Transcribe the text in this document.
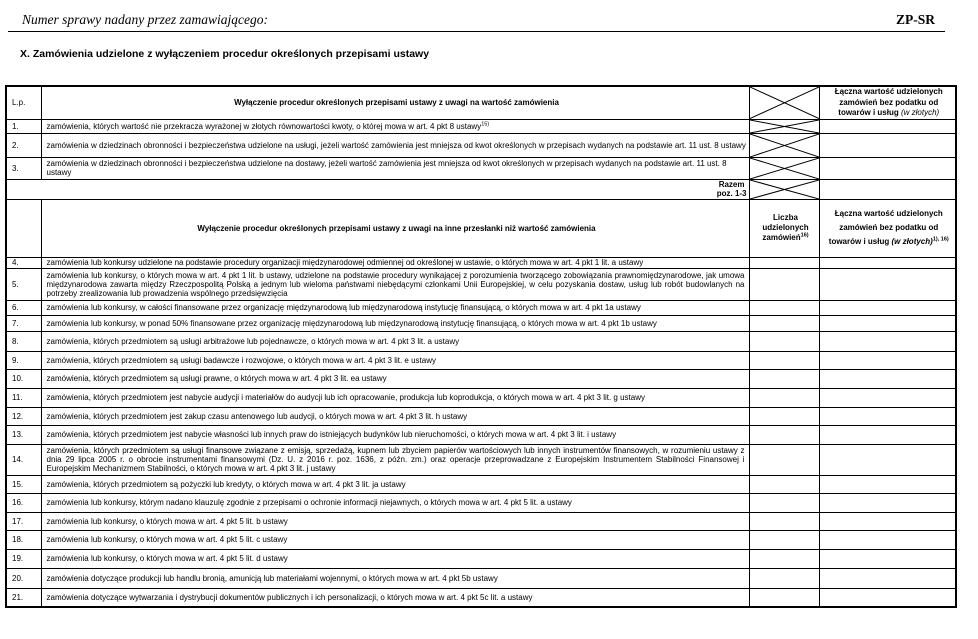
Numer sprawy nadany przez zamawiającego:	ZP-SR
X. Zamówienia udzielone z wyłączeniem procedur określonych przepisami ustawy
L.p.	Wyłączenie procedur określonych przepisami ustawy z uwagi na wartość zamówienia		Łączna wartość udzielonych zamówień bez podatku od towarów i usług (w złotych)
1.	zamówienia, których wartość nie przekracza wyrażonej w złotych równowartości kwoty, o której mowa w art. 4 pkt 8 ustawy$^{15)}$	

2.	zamówienia w dziedzinach obronności i bezpieczeństwa udzielone na usługi, jeżeli wartość zamówienia jest mniejsza od kwot określonych w przepisach wydanych na podstawie art. 11 ust. 8 ustawy	

3.	zamówienia w dziedzinach obronności i bezpieczeństwa udzielone na dostawy, jeżeli wartość zamówienia jest mniejsza od kwot określonych w przepisach wydanych na podstawie art. 11 ust. 8 ustawy	

Razem
poz. 1-3

	Wyłączenie procedur określonych przepisami ustawy z uwagi na inne przesłanki niż wartość zamówienia	Liczba udzielonych zamówień$^{16)}$	Łączna wartość udzielonych zamówień bez podatku od towarów i usług (w złotych)$^{1), 16)}$
4.	zamówienia lub konkursy udzielone na podstawie procedury organizacji międzynarodowej odmiennej od określonej w ustawie, o których mowa w art. 4 pkt 1 lit. a ustawy		
5.	zamówienia lub konkursy, o których mowa w art. 4 pkt 1 lit. b ustawy, udzielone na podstawie procedury wynikającej z porozumienia tworzącego zobowiązania prawnomiędzynarodowe, jak umowa międzynarodowa zawarta między Rzeczpospolitą Polską a jednym lub wieloma państwami niebędącymi członkami Unii Europejskiej, w celu pozyskania dostaw, usług lub robót budowlanych na potrzeby zrealizowania lub prowadzenia wspólnego przedsięwzięcia		
6.	zamówienia lub konkursy, w całości finansowane przez organizację międzynarodową lub międzynarodową instytucję finansującą, o których mowa w art. 4 pkt 1a ustawy		
7.	zamówienia lub konkursy, w ponad 50% finansowane przez organizację międzynarodową lub międzynarodową instytucję finansującą, o których mowa w art. 4 pkt 1b ustawy		
8.	zamówienia, których przedmiotem są usługi arbitrażowe lub pojednawcze, o których mowa w art. 4 pkt 3 lit. a ustawy		
9.	zamówienia, których przedmiotem są usługi badawcze i rozwojowe, o których mowa w art. 4 pkt 3 lit. e ustawy		
10.	zamówienia, których przedmiotem są usługi prawne, o których mowa w art. 4 pkt 3 lit. ea ustawy		
11.	zamówienia, których przedmiotem jest nabycie audycji i materiałów do audycji lub ich opracowanie, produkcja lub koprodukcja, o których mowa w art. 4 pkt 3 lit. g ustawy		
12.	zamówienia, których przedmiotem jest zakup czasu antenowego lub audycji, o których mowa w art. 4 pkt 3 lit. h ustawy		
13.	zamówienia, których przedmiotem jest nabycie własności lub innych praw do istniejących budynków lub nieruchomości, o których mowa w art. 4 pkt 3 lit. i ustawy		
14.	zamówienia, których przedmiotem są usługi finansowe związane z emisją, sprzedażą, kupnem lub zbyciem papierów wartościowych lub innych instrumentów finansowych, w rozumieniu ustawy z dnia 29 lipca 2005 r. o obrocie instrumentami finansowymi (Dz. U. z 2016 r. poz. 1636, z późn. zm.) oraz operacje przeprowadzane z Europejskim Instrumentem Stabilności Finansowej i Europejskim Mechanizmem Stabilności, o których mowa w art. 4 pkt 3 lit. j ustawy		
15.	zamówienia, których przedmiotem są pożyczki lub kredyty, o których mowa w art. 4 pkt 3 lit. ja ustawy		
16.	zamówienia lub konkursy, którym nadano klauzulę zgodnie z przepisami o ochronie informacji niejawnych, o których mowa w art. 4 pkt 5 lit. a ustawy		
17.	zamówienia lub konkursy, o których mowa w art. 4 pkt 5 lit. b ustawy		
18.	zamówienia lub konkursy, o których mowa w art. 4 pkt 5 lit. c ustawy		
19.	zamówienia lub konkursy, o których mowa w art. 4 pkt 5 lit. d ustawy		
20.	zamówienia dotyczące produkcji lub handlu bronią, amunicją lub materiałami wojennymi, o których mowa w art. 4 pkt 5b ustawy		
21.	zamówienia dotyczące wytwarzania i dystrybucji dokumentów publicznych i ich personalizacji, o których mowa w art. 4 pkt 5c lit. a ustawy		
